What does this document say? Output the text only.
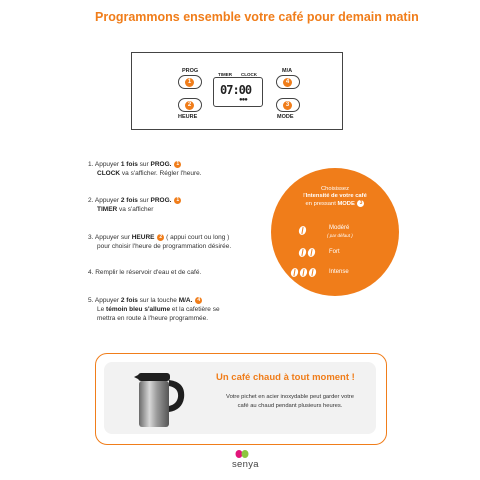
Programmons ensemble votre café pour demain matin
PROG
1
2
HEURE
TIMER CLOCK
07:00
●●●
M/A
4
3
MODE
1. Appuyer 1 fois sur PROG. 1
CLOCK va s'afficher. Régler l'heure.
2. Appuyer 2 fois sur PROG. 1
TIMER va s'afficher
3. Appuyer sur HEURE 2 ( appui court ou long )
pour choisir l'heure de programmation désirée.
4. Remplir le réservoir d'eau et de café.
5. Appuyer 2 fois sur la touche M/A. 4
Le témoin bleu s'allume et la cafetière se
mettra en route à l'heure programmée.
Choisissez
l'Intensité de votre café
en pressant MODE 3
Modéré
( par défaut )
Fort
Intense
Un café chaud à tout moment !
Votre pichet en acier inoxydable peut garder votre café au chaud pendant plusieurs heures.
senya
